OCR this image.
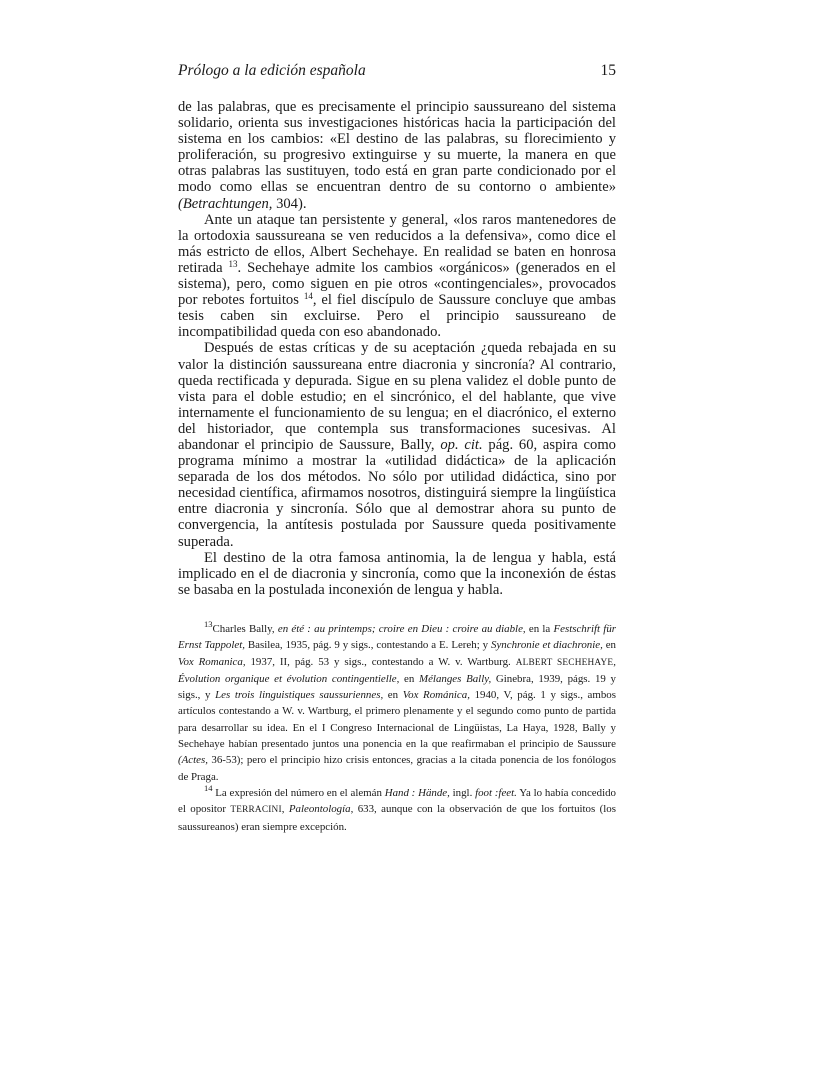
Prólogo a la edición española	15

de las palabras, que es precisamente el principio saussureano del sistema solidario, orienta sus investigaciones históricas hacia la participación del sistema en los cambios: «El destino de las palabras, su florecimiento y proliferación, su progresivo extinguirse y su muerte, la manera en que otras palabras las sustituyen, todo está en gran parte condicionado por el modo como ellas se encuentran dentro de su contorno o ambiente» (Betrachtungen, 304).

Ante un ataque tan persistente y general, «los raros mantenedores de la ortodoxia saussureana se ven reducidos a la defensiva», como dice el más estricto de ellos, Albert Sechehaye. En realidad se baten en honrosa retirada $^{13}$. Sechehaye admite los cambios «orgánicos» (generados en el sistema), pero, como siguen en pie otros «contingenciales», provocados por rebotes fortuitos $^{14}$, el fiel discípulo de Saussure concluye que ambas tesis caben sin excluirse. Pero el principio saussureano de incompatibilidad queda con eso abandonado.

Después de estas críticas y de su aceptación ¿queda rebajada en su valor la distinción saussureana entre diacronia y sincronía? Al contrario, queda rectificada y depurada. Sigue en su plena validez el doble punto de vista para el doble estudio; en el sincrónico, el del hablante, que vive internamente el funcionamiento de su lengua; en el diacrónico, el externo del historiador, que contempla sus transformaciones sucesivas. Al abandonar el principio de Saussure, Bally, op. cit. pág. 60, aspira como programa mínimo a mostrar la «utilidad didáctica» de la aplicación separada de los dos métodos. No sólo por utilidad didáctica, sino por necesidad científica, afirmamos nosotros, distinguirá siempre la lingüística entre diacronia y sincronía. Sólo que al demostrar ahora su punto de convergencia, la antítesis postulada por Saussure queda positivamente superada.

El destino de la otra famosa antinomia, la de lengua y habla, está implicado en el de diacronia y sincronía, como que la inconexión de éstas se basaba en la postulada inconexión de lengua y habla.

$^{13}$Charles Bally, en été : au printemps; croire en Dieu : croire au diable, en la Festschrift für Ernst Tappolet, Basilea, 1935, pág. 9 y sigs., contestando a E. Lereh; y Synchronie et diachronie, en Vox Romanica, 1937, II, pág. 53 y sigs., contestando a W. v. Wartburg. ALBERT SECHEHAYE, Évolution organique et évolution contingentielle, en Mélanges Bally, Ginebra, 1939, págs. 19 y sigs., y Les trois linguistiques saussuriennes, en Vox Románica, 1940, V, pág. 1 y sigs., ambos artículos contestando a W. v. Wartburg, el primero plenamente y el segundo como punto de partida para desarrollar su idea. En el I Congreso Internacional de Lingüistas, La Haya, 1928, Bally y Sechehaye habían presentado juntos una ponencia en la que reafirmaban el principio de Saussure (Actes, 36-53); pero el principio hizo crisis entonces, gracias a la citada ponencia de los fonólogos de Praga.

$^{14}$ La expresión del número en el alemán Hand : Hände, ingl. foot :feet. Ya lo había concedido el opositor TERRACINI, Paleontología, 633, aunque con la observación de que los fortuitos (los saussureanos) eran siempre excepción.
